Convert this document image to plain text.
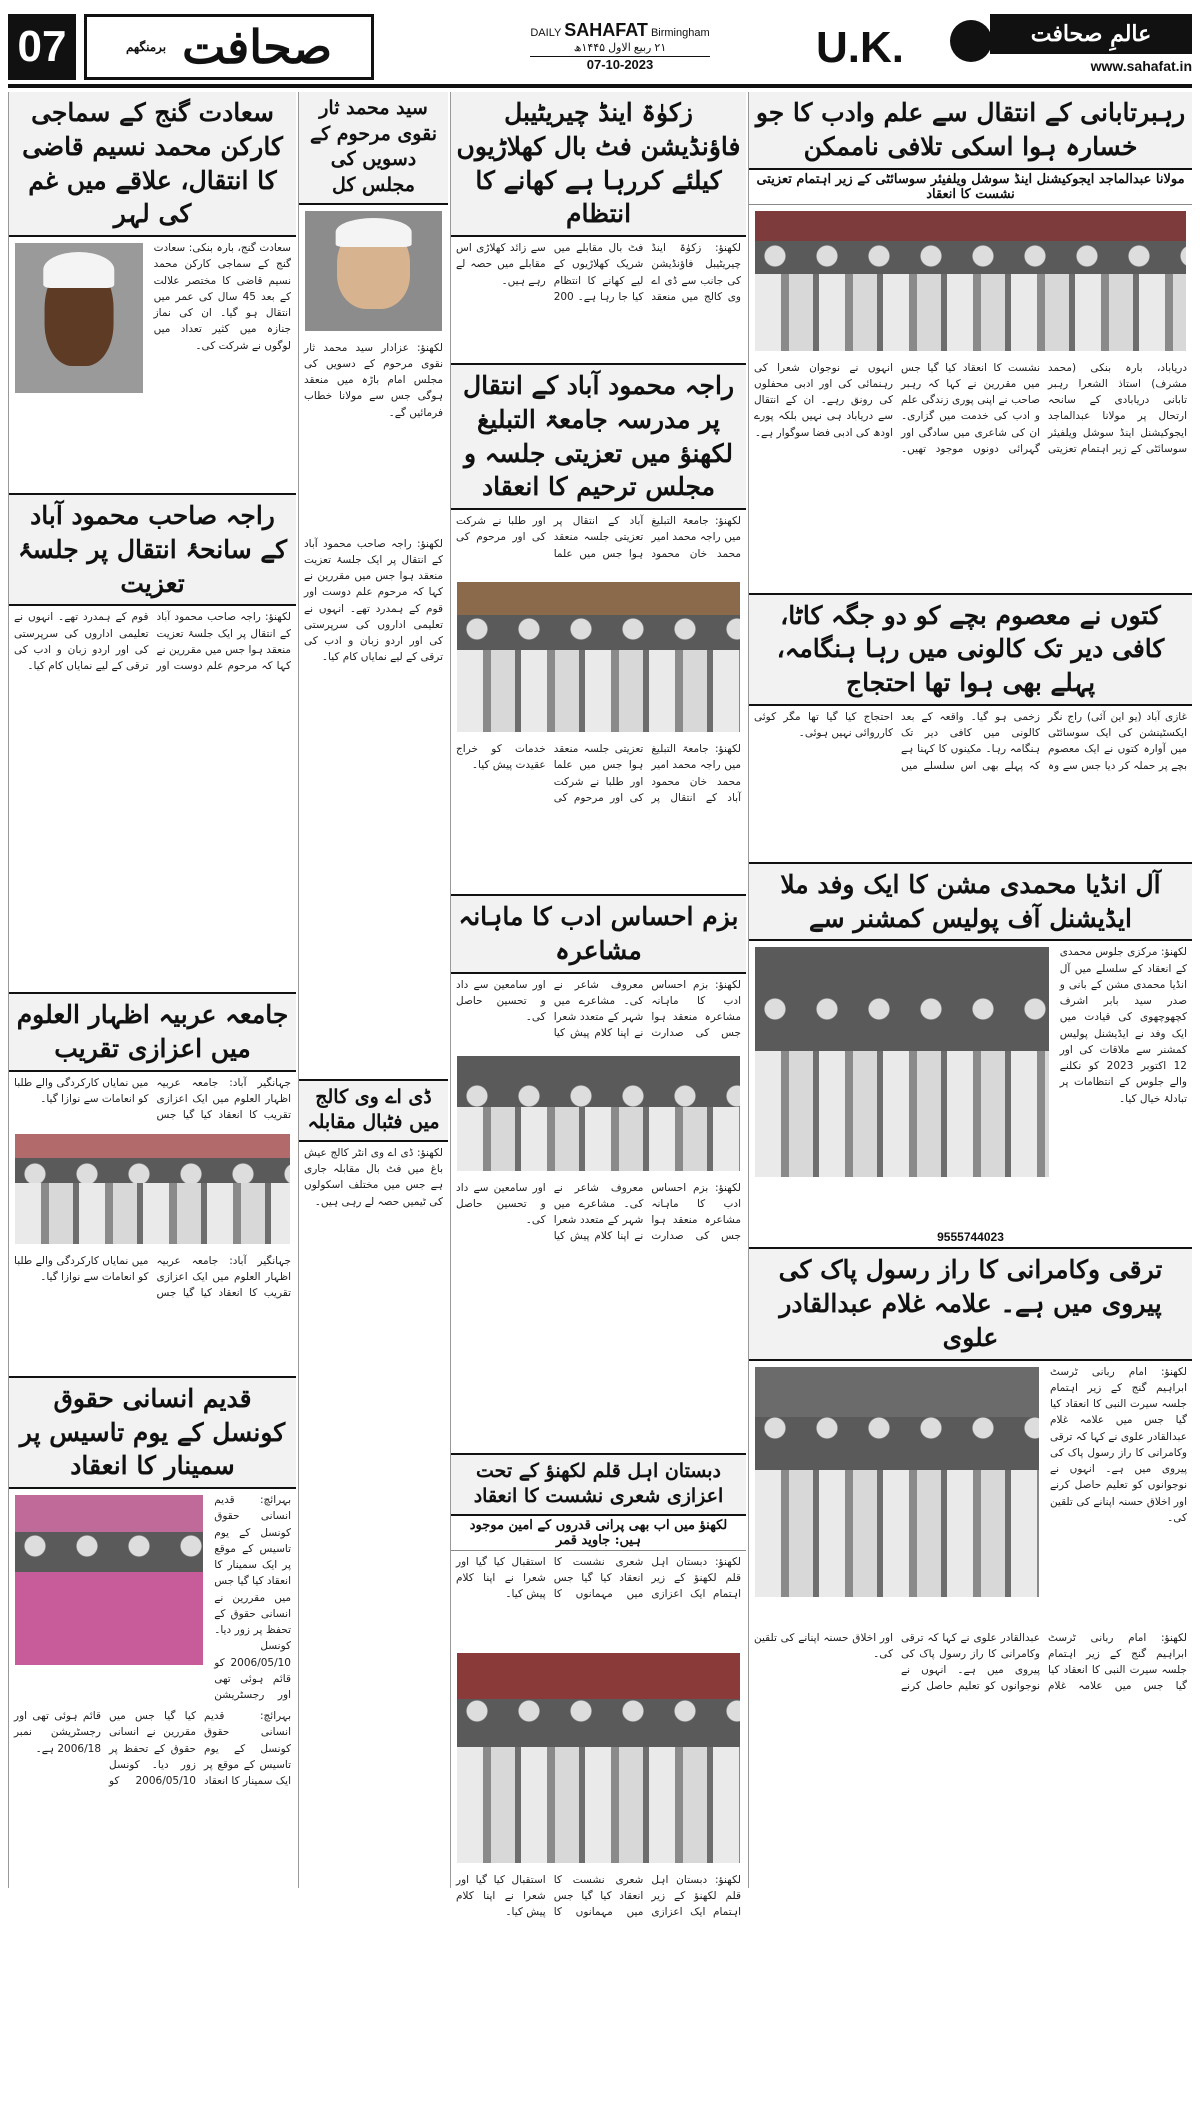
07	صحافت $^{برمنگھم}$
DAILY SAHAFAT Birmingham
۲۱ ربیع الاول ۱۴۴۵ھ
07-10-2023	U.K.	عالمِ صحافت
www.sahafat.in
رہبرتابانی کے انتقال سے علم وادب کا جو خسارہ ہوا اسکی تلافی ناممکن
مولانا عبدالماجد ایجوکیشنل اینڈ سوشل ویلفیئر سوسائٹی کے زیر اہتمام تعزیتی نشست کا انعقاد
دریاباد، بارہ بنکی (محمد مشرف) استاذ الشعرا رہبر تابانی دریابادی کے سانحہ ارتحال پر مولانا عبدالماجد ایجوکیشنل اینڈ سوشل ویلفیئر سوسائٹی کے زیر اہتمام تعزیتی نشست کا انعقاد کیا گیا جس میں مقررین نے کہا کہ رہبر صاحب نے اپنی پوری زندگی علم و ادب کی خدمت میں گزاری۔ ان کی شاعری میں سادگی اور گہرائی دونوں موجود تھیں۔ انہوں نے نوجوان شعرا کی رہنمائی کی اور ادبی محفلوں کی رونق رہے۔ ان کے انتقال سے دریاباد ہی نہیں بلکہ پورے اودھ کی ادبی فضا سوگوار ہے۔
کتوں نے معصوم بچے کو دو جگہ کاٹا، کافی دیر تک کالونی میں رہا ہنگامہ، پہلے بھی ہوا تھا احتجاج
غازی آباد (یو این آئی) راج نگر ایکسٹینشن کی ایک سوسائٹی میں آوارہ کتوں نے ایک معصوم بچے پر حملہ کر دیا جس سے وہ زخمی ہو گیا۔ واقعہ کے بعد کالونی میں کافی دیر تک ہنگامہ رہا۔ مکینوں کا کہنا ہے کہ پہلے بھی اس سلسلے میں احتجاج کیا گیا تھا مگر کوئی کارروائی نہیں ہوئی۔
آل انڈیا محمدی مشن کا ایک وفد ملا ایڈیشنل آف پولیس کمشنر سے
لکھنؤ: مرکزی جلوس محمدی کے انعقاد کے سلسلے میں آل انڈیا محمدی مشن کے بانی و صدر سید بابر اشرف کچھوچھوی کی قیادت میں ایک وفد نے ایڈیشنل پولیس کمشنر سے ملاقات کی اور 12 اکتوبر 2023 کو نکلنے والے جلوس کے انتظامات پر تبادلۂ خیال کیا۔
9555744023
ترقی وکامرانی کا راز رسول پاک کی پیروی میں ہے۔ علامہ غلام عبدالقادر علوی
لکھنؤ: امام ربانی ٹرسٹ ابراہیم گنج کے زیر اہتمام جلسہ سیرت النبی کا انعقاد کیا گیا جس میں علامہ غلام عبدالقادر علوی نے کہا کہ ترقی وکامرانی کا راز رسول پاک کی پیروی میں ہے۔ انہوں نے نوجوانوں کو تعلیم حاصل کرنے اور اخلاق حسنہ اپنانے کی تلقین کی۔
لکھنؤ: امام ربانی ٹرسٹ ابراہیم گنج کے زیر اہتمام جلسہ سیرت النبی کا انعقاد کیا گیا جس میں علامہ غلام عبدالقادر علوی نے کہا کہ ترقی وکامرانی کا راز رسول پاک کی پیروی میں ہے۔ انہوں نے نوجوانوں کو تعلیم حاصل کرنے اور اخلاق حسنہ اپنانے کی تلقین کی۔
زکوٰۃ اینڈ چیریٹیبل فاؤنڈیشن فٹ بال کھلاڑیوں کیلئے کررہا ہے کھانے کا انتظام
لکھنؤ: زکوٰۃ اینڈ چیریٹیبل فاؤنڈیشن کی جانب سے ڈی اے وی کالج میں منعقد فٹ بال مقابلے میں شریک کھلاڑیوں کے لیے کھانے کا انتظام کیا جا رہا ہے۔ 200 سے زائد کھلاڑی اس مقابلے میں حصہ لے رہے ہیں۔
راجہ محمود آباد کے انتقال پر مدرسہ جامعۃ التبلیغ لکھنؤ میں تعزیتی جلسہ و مجلس ترحیم کا انعقاد
لکھنؤ: جامعۃ التبلیغ میں راجہ محمد امیر محمد خان محمود آباد کے انتقال پر تعزیتی جلسہ منعقد ہوا جس میں علما اور طلبا نے شرکت کی اور مرحوم کی
لکھنؤ: جامعۃ التبلیغ میں راجہ محمد امیر محمد خان محمود آباد کے انتقال پر تعزیتی جلسہ منعقد ہوا جس میں علما اور طلبا نے شرکت کی اور مرحوم کی خدمات کو خراج عقیدت پیش کیا۔
بزم احساس ادب کا ماہانہ مشاعرہ
لکھنؤ: بزم احساس ادب کا ماہانہ مشاعرہ منعقد ہوا جس کی صدارت معروف شاعر نے کی۔ مشاعرے میں شہر کے متعدد شعرا نے اپنا کلام پیش کیا اور سامعین سے داد و تحسین حاصل کی۔
لکھنؤ: بزم احساس ادب کا ماہانہ مشاعرہ منعقد ہوا جس کی صدارت معروف شاعر نے کی۔ مشاعرے میں شہر کے متعدد شعرا نے اپنا کلام پیش کیا اور سامعین سے داد و تحسین حاصل کی۔
دبستان اہل قلم لکھنؤ کے تحت اعزازی شعری نشست کا انعقاد
لکھنؤ میں اب بھی پرانی قدروں کے امین موجود ہیں: جاوید قمر
لکھنؤ: دبستان اہل قلم لکھنؤ کے زیر اہتمام ایک اعزازی شعری نشست کا انعقاد کیا گیا جس میں مہمانوں کا استقبال کیا گیا اور شعرا نے اپنا کلام پیش کیا۔
لکھنؤ: دبستان اہل قلم لکھنؤ کے زیر اہتمام ایک اعزازی شعری نشست کا انعقاد کیا گیا جس میں مہمانوں کا استقبال کیا گیا اور شعرا نے اپنا کلام پیش کیا۔
سید محمد ثار نقوی مرحوم کے دسویں کی مجلس کل
لکھنؤ: عزادار سید محمد ثار نقوی مرحوم کے دسویں کی مجلس امام باڑہ میں منعقد ہوگی جس سے مولانا خطاب فرمائیں گے۔
لکھنؤ: راجہ صاحب محمود آباد کے انتقال پر ایک جلسۂ تعزیت منعقد ہوا جس میں مقررین نے کہا کہ مرحوم علم دوست اور قوم کے ہمدرد تھے۔ انہوں نے تعلیمی اداروں کی سرپرستی کی اور اردو زبان و ادب کی ترقی کے لیے نمایاں کام کیا۔
ڈی اے وی کالج میں فٹبال مقابلہ
لکھنؤ: ڈی اے وی انٹر کالج عیش باغ میں فٹ بال مقابلہ جاری ہے جس میں مختلف اسکولوں کی ٹیمیں حصہ لے رہی ہیں۔
سعادت گنج کے سماجی کارکن محمد نسیم قاضی کا انتقال، علاقے میں غم کی لہر
سعادت گنج، بارہ بنکی: سعادت گنج کے سماجی کارکن محمد نسیم قاضی کا مختصر علالت کے بعد 45 سال کی عمر میں انتقال ہو گیا۔ ان کی نماز جنازہ میں کثیر تعداد میں لوگوں نے شرکت کی۔
راجہ صاحب محمود آباد کے سانحۂ انتقال پر جلسۂ تعزیت
لکھنؤ: راجہ صاحب محمود آباد کے انتقال پر ایک جلسۂ تعزیت منعقد ہوا جس میں مقررین نے کہا کہ مرحوم علم دوست اور قوم کے ہمدرد تھے۔ انہوں نے تعلیمی اداروں کی سرپرستی کی اور اردو زبان و ادب کی ترقی کے لیے نمایاں کام کیا۔
جامعہ عربیہ اظہار العلوم میں اعزازی تقریب
جہانگیر آباد: جامعہ عربیہ اظہار العلوم میں ایک اعزازی تقریب کا انعقاد کیا گیا جس میں نمایاں کارکردگی والے طلبا کو انعامات سے نوازا گیا۔
جہانگیر آباد: جامعہ عربیہ اظہار العلوم میں ایک اعزازی تقریب کا انعقاد کیا گیا جس میں نمایاں کارکردگی والے طلبا کو انعامات سے نوازا گیا۔
قدیم انسانی حقوق کونسل کے یوم تاسیس پر سمینار کا انعقاد
بہرائچ: قدیم انسانی حقوق کونسل کے یوم تاسیس کے موقع پر ایک سمینار کا انعقاد کیا گیا جس میں مقررین نے انسانی حقوق کے تحفظ پر زور دیا۔ کونسل 2006/05/10 کو قائم ہوئی تھی اور رجسٹریشن
بہرائچ: قدیم انسانی حقوق کونسل کے یوم تاسیس کے موقع پر ایک سمینار کا انعقاد کیا گیا جس میں مقررین نے انسانی حقوق کے تحفظ پر زور دیا۔ کونسل 2006/05/10 کو قائم ہوئی تھی اور رجسٹریشن نمبر 2006/18 ہے۔
